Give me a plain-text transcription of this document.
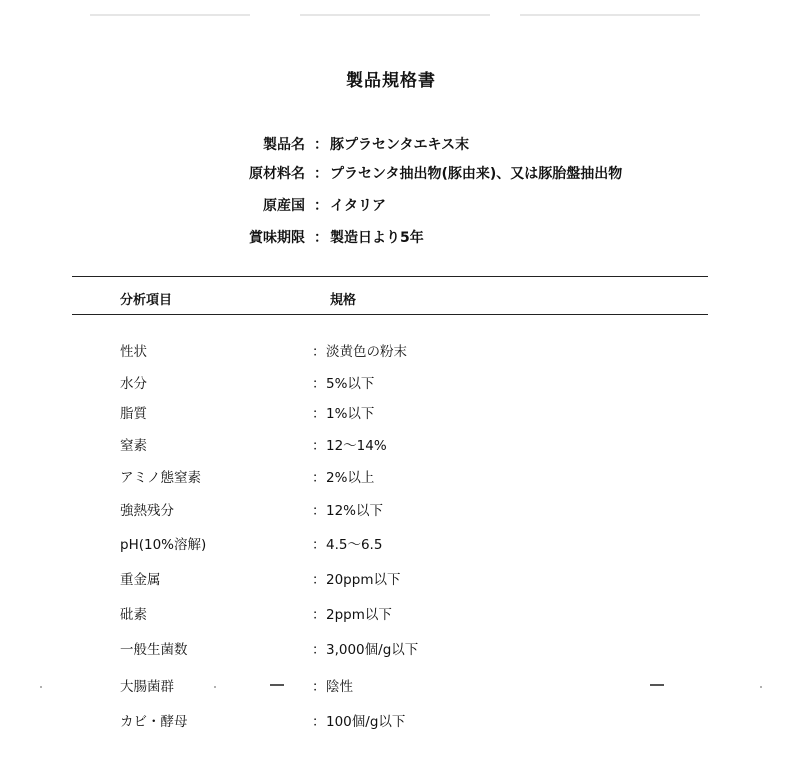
製品規格書
製品名 ： 豚プラセンタエキス末
原材料名 ： プラセンタ抽出物(豚由来)、又は豚胎盤抽出物
原産国 ： イタリア
賞味期限 ： 製造日より5年
分析項目	規格
性状	： 淡黄色の粉末
水分	： 5%以下
脂質	： 1%以下
窒素	： 12～14%
アミノ態窒素	： 2%以上
強熱残分	： 12%以下
pH(10%溶解)	： 4.5～6.5
重金属	： 20ppm以下
砒素	： 2ppm以下
一般生菌数	： 3,000個/g以下
大腸菌群	： 陰性
カビ・酵母	： 100個/g以下
